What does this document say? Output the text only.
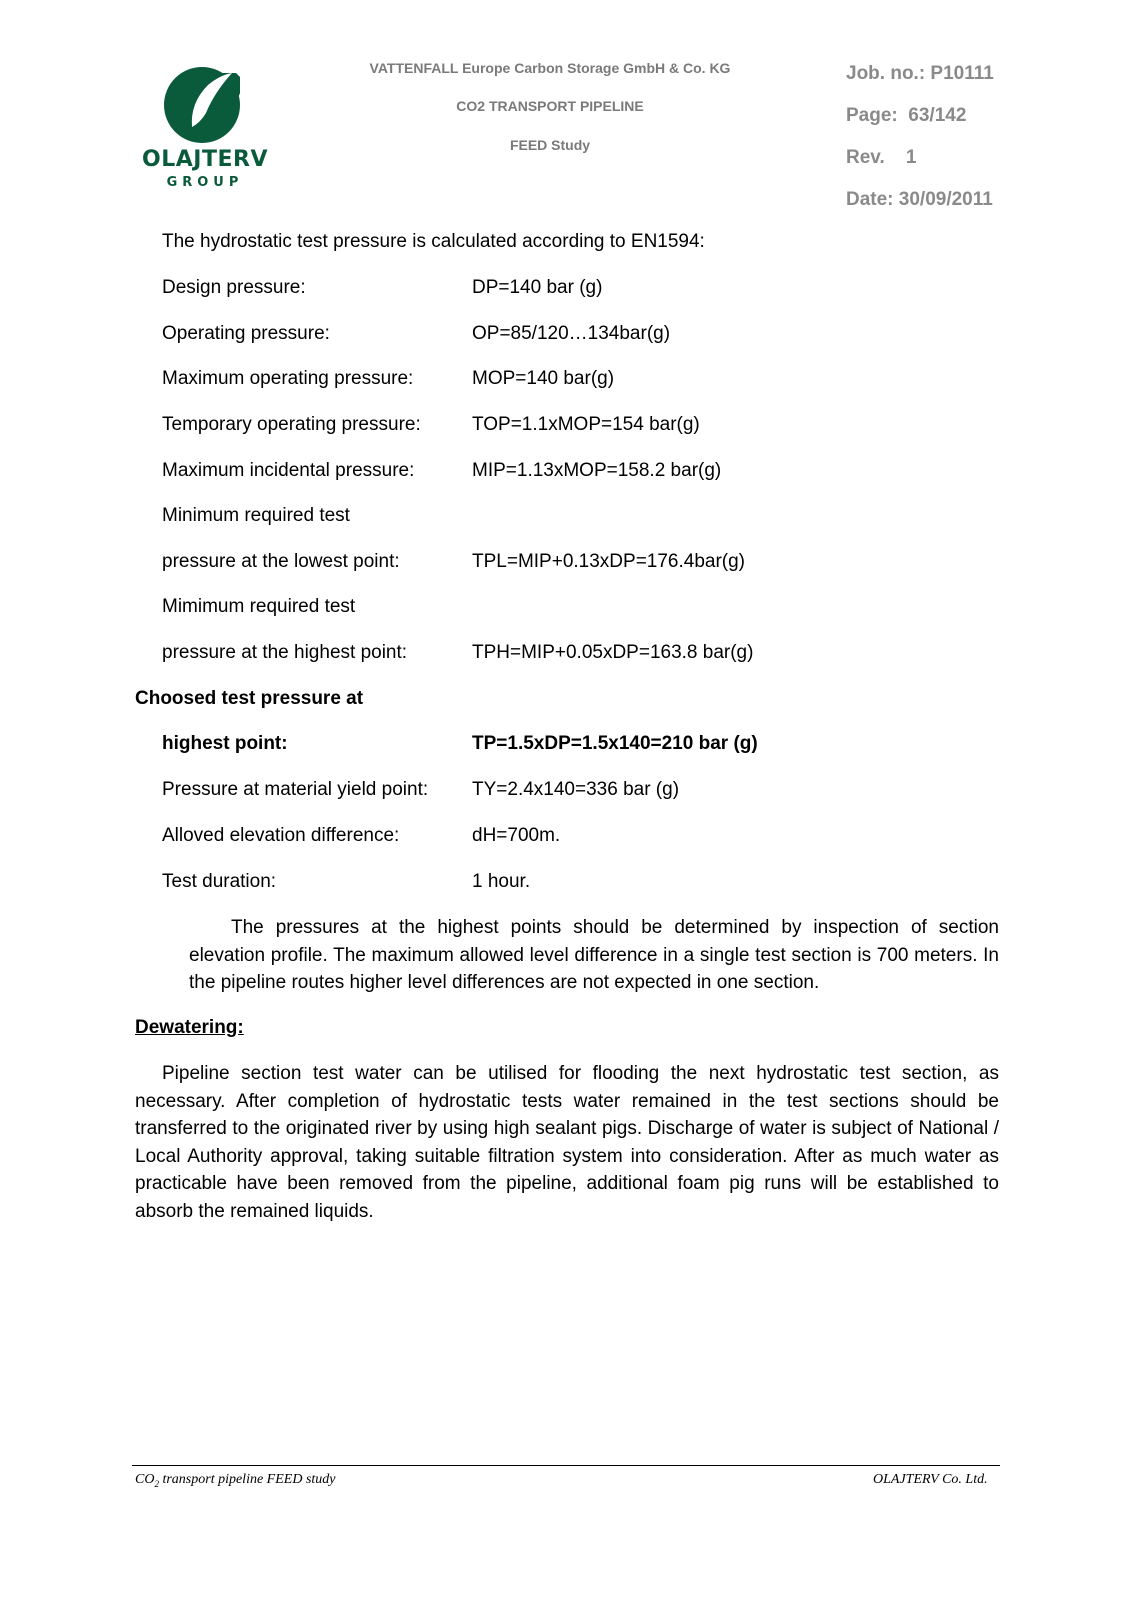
OLAJTERV
GROUP
VATTENFALL Europe Carbon Storage GmbH & Co. KG
CO2 TRANSPORT PIPELINE
FEED Study
Job. no.: P10111
Page:  63/142
Rev.    1
Date: 30/09/2011
The hydrostatic test pressure is calculated according to EN1594:
Design pressure:	DP=140 bar (g)
Operating pressure:	OP=85/120…134bar(g)
Maximum operating pressure:	MOP=140 bar(g)
Temporary operating pressure:	TOP=1.1xMOP=154 bar(g)
Maximum incidental pressure:	MIP=1.13xMOP=158.2 bar(g)
Minimum required test
pressure at the lowest point:	TPL=MIP+0.13xDP=176.4bar(g)
Mimimum required test
pressure at the highest point:	TPH=MIP+0.05xDP=163.8 bar(g)
Choosed test pressure at
highest point:	TP=1.5xDP=1.5x140=210 bar (g)
Pressure at material yield point: TY=2.4x140=336 bar (g)
Alloved elevation difference:	dH=700m.
Test duration:	1 hour.
The pressures at the highest points should be determined by inspection of section elevation profile. The maximum allowed level difference in a single test section is 700 meters. In the pipeline routes higher level differences are not expected in one section.
Dewatering:
Pipeline section test water can be utilised for flooding the next hydrostatic test section, as necessary. After completion of hydrostatic tests water remained in the test sections should be transferred to the originated river by using high sealant pigs. Discharge of water is subject of National / Local Authority approval, taking suitable filtration system into consideration. After as much water as practicable have been removed from the pipeline, additional foam pig runs will be established to absorb the remained liquids.
$CO_2$ transport pipeline FEED study	OLAJTERV Co. Ltd.
